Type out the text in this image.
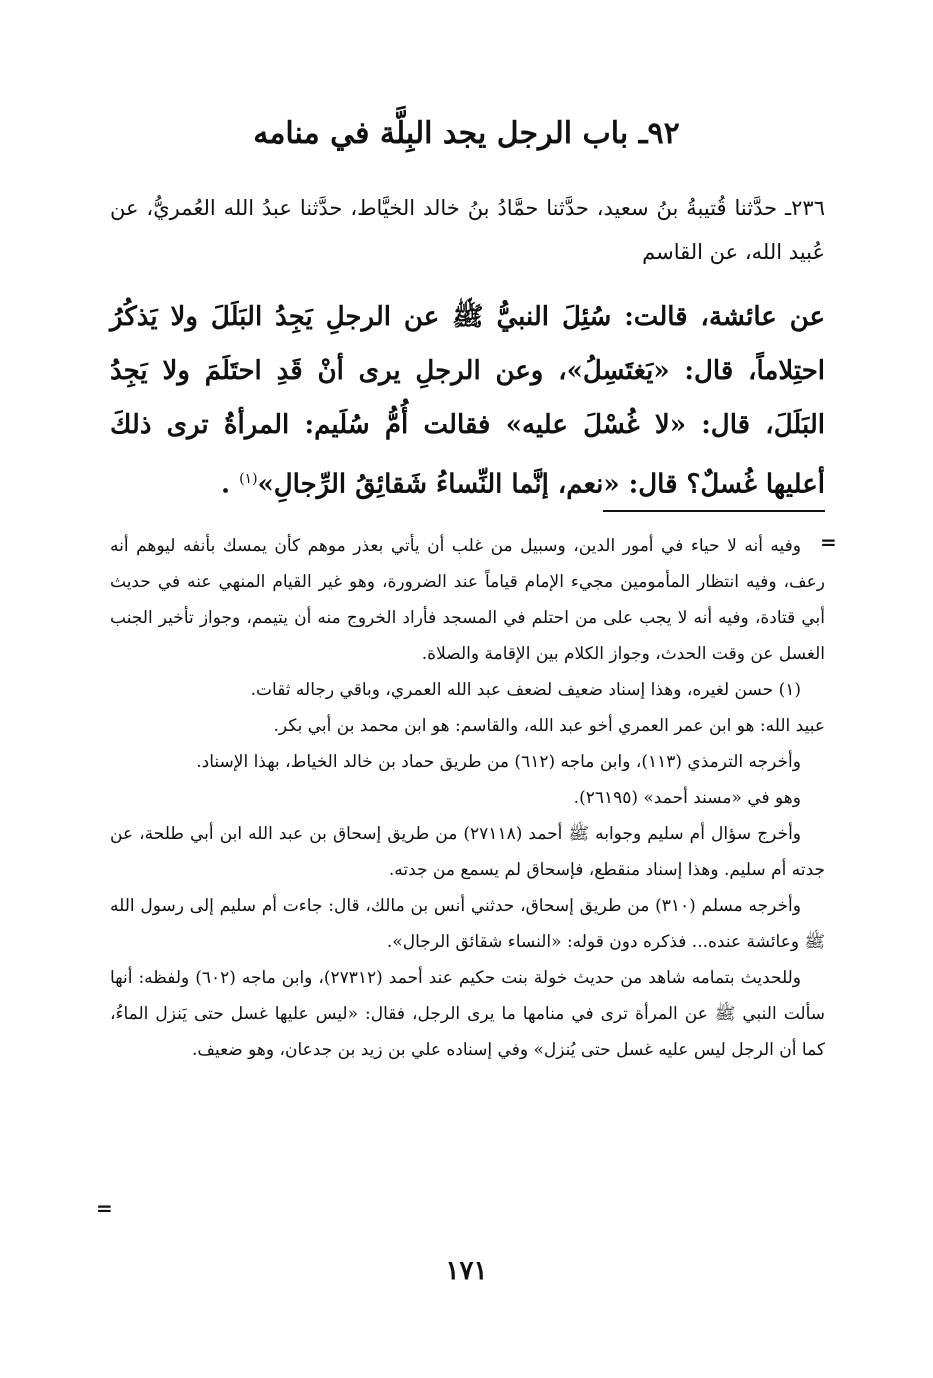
٩٢ـ باب الرجل يجد البِلَّة في منامه

٢٣٦ـ حدَّثنا قُتيبةُ بنُ سعيد، حدَّثنا حمَّادُ بنُ خالد الخيَّاط، حدَّثنا عبدُ الله العُمريُّ، عن عُبيد الله، عن القاسم

عن عائشة، قالت: سُئِلَ النبيُّ ﷺ عن الرجلِ يَجِدُ البَلَلَ ولا يَذكُرُ احتِلاماً، قال: «يَغتَسِلُ»، وعن الرجلِ يرى أنْ قَدِ احتَلَمَ ولا يَجِدُ البَلَلَ، قال: «لا غُسْلَ عليه» فقالت أُمُّ سُلَيم: المرأةُ ترى ذلكَ أعليها غُسلٌ؟ قال: «نعم، إنَّما النِّساءُ شَقائِقُ الرِّجالِ»$^{(١)}$ .

=

وفيه أنه لا حياء في أمور الدين، وسبيل من غلب أن يأتي بعذر موهم كأن يمسك بأنفه ليوهم أنه رعف، وفيه انتظار المأمومين مجيء الإمام قياماً عند الضرورة، وهو غير القيام المنهي عنه في حديث أبي قتادة، وفيه أنه لا يجب على من احتلم في المسجد فأراد الخروج منه أن يتيمم، وجواز تأخير الجنب الغسل عن وقت الحدث، وجواز الكلام بين الإقامة والصلاة.

(١) حسن لغيره، وهذا إسناد ضعيف لضعف عبد الله العمري، وباقي رجاله ثقات.

عبيد الله: هو ابن عمر العمري أخو عبد الله، والقاسم: هو ابن محمد بن أبي بكر.

وأخرجه الترمذي (١١٣)، وابن ماجه (٦١٢) من طريق حماد بن خالد الخياط، بهذا الإسناد.

وهو في «مسند أحمد» (٢٦١٩٥).

وأخرج سؤال أم سليم وجوابه ﷺ أحمد (٢٧١١٨) من طريق إسحاق بن عبد الله ابن أبي طلحة، عن جدته أم سليم. وهذا إسناد منقطع، فإسحاق لم يسمع من جدته.

وأخرجه مسلم (٣١٠) من طريق إسحاق، حدثني أنس بن مالك، قال: جاءت أم سليم إلى رسول الله ﷺ وعائشة عنده... فذكره دون قوله: «النساء شقائق الرجال».

وللحديث بتمامه شاهد من حديث خولة بنت حكيم عند أحمد (٢٧٣١٢)، وابن ماجه (٦٠٢) ولفظه: أنها سألت النبي ﷺ عن المرأة ترى في منامها ما يرى الرجل، فقال: «ليس عليها غسل حتى يَنزل الماءُ، كما أن الرجل ليس عليه غسل حتى يُنزل» وفي إسناده علي بن زيد بن جدعان، وهو ضعيف.

=
١٧١
